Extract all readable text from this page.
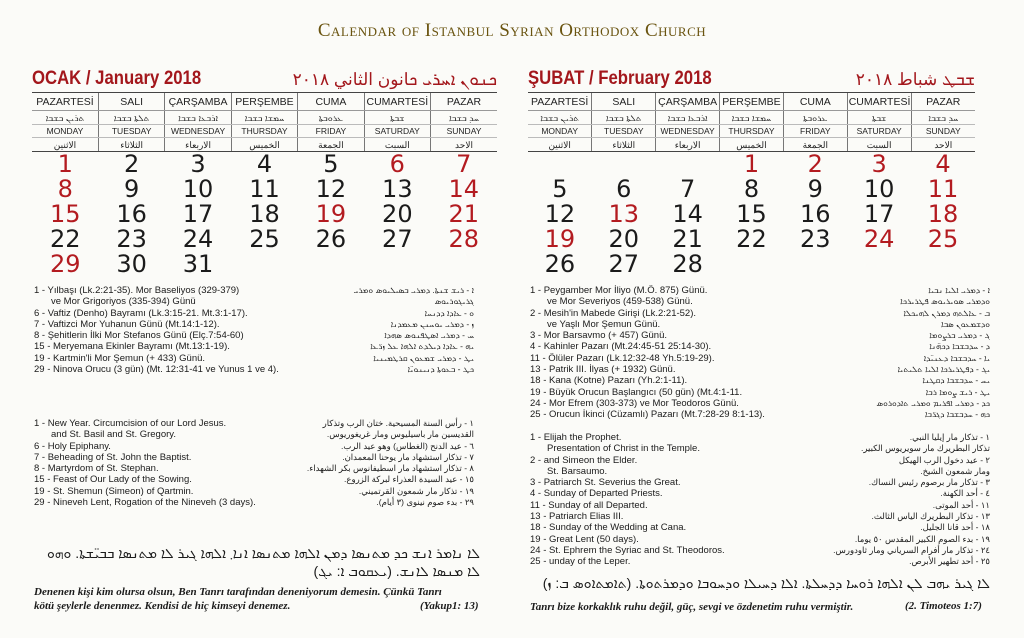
Calendar of Istanbul Syrian Orthodox Church
OCAK / January 2018	ܟܢܘܢ ܐܚܪܝ ܟانون الثاني ٢٠١٨
PAZARTESİ	SALI	ÇARŞAMBA	PERŞEMBE	CUMA	CUMARTESİ	PAZAR
ܬܪܝܢ ܒܫܒܐ	ܬܠܬܐ ܒܫܒܐ	ܐܪܒܥܐ ܒܫܒܐ	ܚܡܫܐ ܒܫܒܐ	ܥܪܘܒܬܐ	ܫܒܬܐ	ܚܕ ܒܫܒܐ
MONDAY	TUESDAY	WEDNESDAY	THURSDAY	FRIDAY	SATURDAY	SUNDAY
الاثنين	الثلاثاء	الاربعاء	الخميس	الجمعة	السبت	الاحد
1	2	3	4	5	6	7
8	9	10	11	12	13	14
15	16	17	18	19	20	21
22	23	24	25	26	27	28
29	30	31				
ŞUBAT / February 2018	ܫܒܛ شباط ٢٠١٨
PAZARTESİ	SALI	ÇARŞAMBA	PERŞEMBE	CUMA	CUMARTESİ	PAZAR
ܬܪܝܢ ܒܫܒܐ	ܬܠܬܐ ܒܫܒܐ	ܐܪܒܥܐ ܒܫܒܐ	ܚܡܫܐ ܒܫܒܐ	ܥܪܘܒܬܐ	ܫܒܬܐ	ܚܕ ܒܫܒܐ
MONDAY	TUESDAY	WEDNESDAY	THURSDAY	FRIDAY	SATURDAY	SUNDAY
الاثنين	الثلاثاء	الاربعاء	الخميس	الجمعة	السبت	الاحد
			1	2	3	4
5	6	7	8	9	10	11
12	13	14	15	16	17	18
19	20	21	22	23	24	25
26	27	28				
1 - Yılbaşı (Lk.2:21-35). Mor Baseliyos (329-379)	ܐ - ܪܝܫ ܫܢܬܐ. ܕܡܪܝ ܒܣܝܠܝܘܣ ܘܡܪܝ
ve Mor Grigoriyos (335-394) Günü	ܓܪܝܓܘܪܝܘܣ
6 - Vaftiz (Denho) Bayramı (Lk.3:15-21. Mt.3:1-17).	ܘ - ܥܐܕܐ ܕܕܢܚܐ
7 - Vaftizci Mor Yuhanun Günü (Mt.14:1-12).	ܙ - ܕܡܪܝ ܝܘܚܢܢ ܡܥܡܕܢܐ
8 - Şehitlerin İlki Mor Stefanos Günü (Elç.7:54-60)	ܚ - ܕܡܪܝ ܐܣܛܦܢܘܣ ܣܗܕܐ
15 - Meryemana Ekinler Bayramı (Mt.13:1-19).	ܝܗ - ܥܐܕܐ ܕܝܠܕܬ ܐܠܗܐ ܥܠ ܙܪ̈ܥܐ
19 - Kartmin'li Mor Şemun (+ 433) Günü.	ܝܛ - ܕܡܪܝ ܫܡܥܘܢ ܩܪܛܡܝܢܝܐ
29 - Ninova Orucu (3 gün) (Mt. 12:31-41 ve Yunus 1 ve 4).	ܟܛ - ܒܥܘܬܐ ܕܢܝܢܘܝ̈ܐ
1 - New Year. Circumcision of our Lord Jesus.	١ - رأس السنة المسيحية. ختان الرب وتذكار
and St. Basil and St. Gregory.	القديسين مار باسيليوس ومار غريغوريوس.
6 - Holy Epiphany.	٦ - عيد الدنح (الغطاس) وهو عيد الرب.
7 - Beheading of St. John the Baptist.	٧ - تذكار استشهاد مار يوحنا المعمدان.
8 - Martyrdom of St. Stephan.	٨ - تذكار استشهاد مار اسطيفانوس بكر الشهداء.
15 - Feast of Our Lady of the Sowing.	١٥ - عيد السيدة العذراء لبركة الزروع.
19 - St. Shemun (Simeon) of Qartmin.	١٩ - تذكار مار شمعون القرتميني.
29 - Nineveh Lent, Rogation of the Nineveh (3 days).	٢٩ - بدء صوم نينوى (٣ أيام).
1 - Peygamber Mor İliyo (M.Ö. 875) Günü.	ܐ - ܕܡܪܝ ܐܠܝܐ ܢܒܝܐ
ve Mor Severiyos (459-538) Günü.	ܘܕܡܪܝ ܣܘܝܪܝܘܣ ܦܛܪܝܪܟܐ
2 - Mesih'in Mabede Girişi (Lk.2:21-52).	ܒ - ܥܐܠܬܗ ܕܡܪܢ ܠܗܝܟܠܐ
ve Yaşlı Mor Şemun Günü.	ܘܕܫܡܥܘܢ ܣܒܐ
3 - Mor Barsavmo (+ 457) Günü.	ܓ - ܕܡܪܝ ܒܪܨܘܡܐ
4 - Kahinler Pazarı (Mt.24:45-51 25:14-30).	ܕ - ܚܕܒܫܒܐ ܕܟܗ̈ܢܐ
11 - Ölüler Pazarı (Lk.12:32-48 Yh.5:19-29).	ܝܐ - ܚܕܒܫܒܐ ܕܥܢܝ̈ܕܐ
13 - Patrik III. İlyas (+ 1932) Günü.	ܝܓ - ܕܦܛܪܝܪܟܐ ܐܠܝܐ ܬܠܝܬܝܐ
18 - Kana (Kotne) Pazarı (Yh.2:1-11).	ܝܚ - ܚܕܒܫܒܐ ܕܩܛܢܐ
19 - Büyük Orucun Başlangıcı (50 gün) (Mt.4:1-11.	ܝܛ - ܪܝܫ ܨܘܡܐ ܪܒܐ
24 - Mor Efrem (303-373) ve Mor Teodoros Günü.	ܟܕ - ܕܡܪܝ ܐܦܪܝܡ ܘܡܪܝ ܬܐܕܘܪܘܣ
25 - Orucun İkinci (Cüzamlı) Pazarı (Mt.7:28-29 8:1-13).	ܟܗ - ܚܕܒܫܒܐ ܕܓܪ̈ܒܐ
1 - Elijah the Prophet.	١ - تذكار مار إيليا النبي.
Presentation of Christ in the Temple.	تذكار البطريرك مار سويريوس الكبير.
2 - and Simeon the Elder.	٢ - عيد دخول الرب الهيكل
St. Barsaumo.	ومار شمعون الشيخ.
3 - Patriarch St. Severius the Great.	٣ - تذكار مار برصوم رئيس النساك.
4 - Sunday of Departed Priests.	٤ - أحد الكهنة.
11 - Sunday of all Departed.	١١ - أحد الموتى.
13 - Patriarch Elias III.	١٣ - تذكار البطريرك الياس الثالث.
18 - Sunday of the Wedding at Cana.	١٨ - أحد قانا الجليل.
19 - Great Lent (50 days).	١٩ - بدء الصوم الكبير المقدس ٥٠ يوما.
24 - St. Ephrem the Syriac and St. Theodoros.	٢٤ - تذكار مار أفرام السرياني ومار ثاودورس.
25 - unday of the Leper.	٢٥ - أحد تطهير الأبرص.
ܠܐ ܢܐܡܪ ܐܢܫ ܟܕ ܡܬܢܣܐ ܕܡܢ ܐܠܗܐ ܡܬܢܣܐ ܐܢܐ܂ ܐܠܗܐ ܓܝܪ ܠܐ ܡܬܢܣܐ ܒܒܝ̈ܫܬܐ. ܘܗܘ
ܠܐ ܡܢܣܐ ܠܐܢܫ. (ܝܥܩܘܒ ܐ: ܝܓ)
Denenen kişi kim olursa olsun, Ben Tanrı tarafından deneniyorum demesin. Çünkü Tanrı
kötü şeylerle denenmez. Kendisi de hiç kimseyi denemez.	(Yakup1: 13)
ܠܐ ܓܝܪ ܝܗܒ ܠܢ ܐܠܗܐ ܪܘܚܐ ܕܕܚܠܬܐ. ܐܠܐ ܕܚܝܠܐ ܘܕܚܘܒܐ ܘܕܡܪܬܘܬܐ. (ܬܐܡܬܐܘܣ ܒ: ܙ)
Tanrı bize korkaklık ruhu değil, güç, sevgi ve özdenetim ruhu vermiştir.	(2. Timoteos 1:7)
